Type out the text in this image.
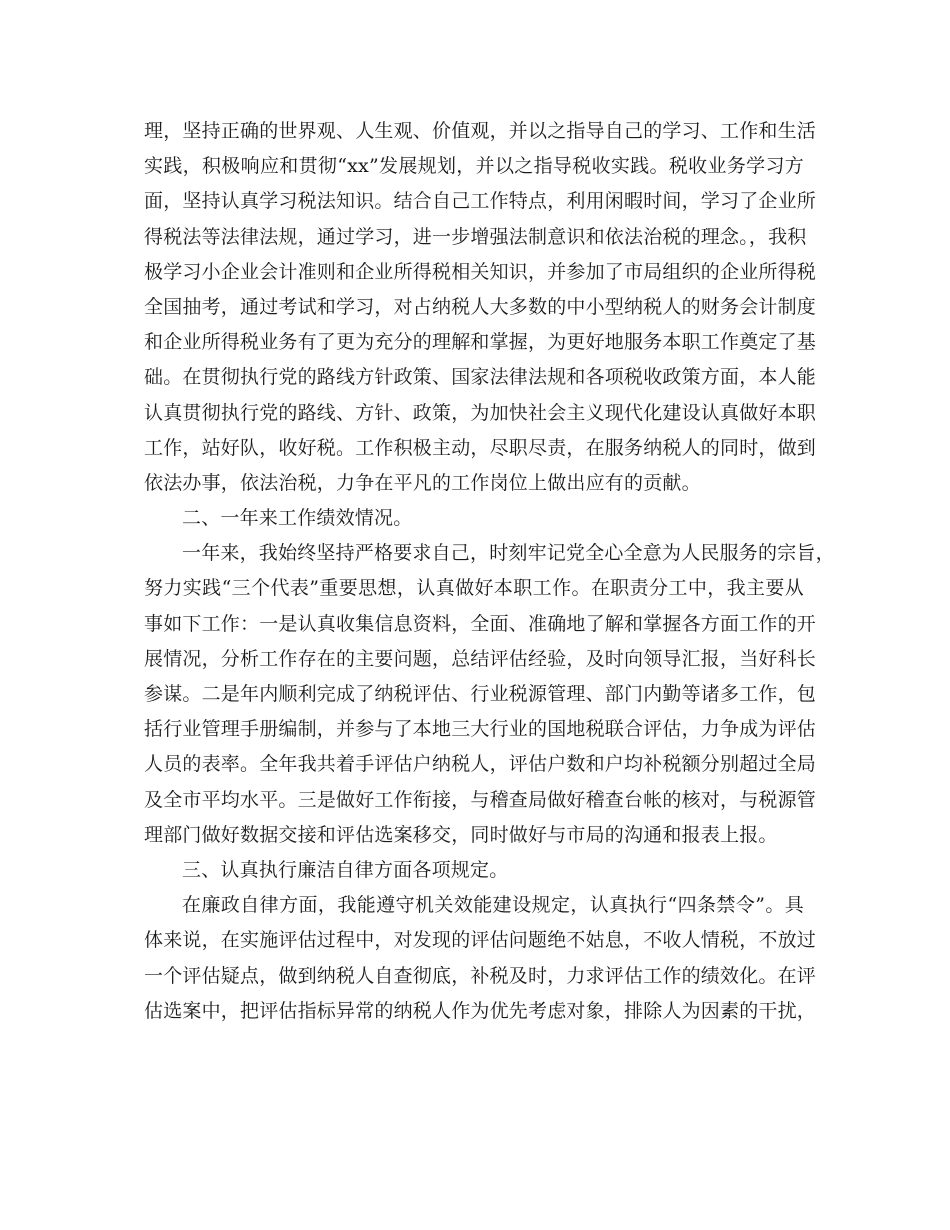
理，坚持正确的世界观、人生观、价值观，并以之指导自己的学习、工作和生活
实践，积极响应和贯彻“xx”发展规划，并以之指导税收实践。税收业务学习方
面，坚持认真学习税法知识。结合自己工作特点，利用闲暇时间，学习了企业所
得税法等法律法规，通过学习，进一步增强法制意识和依法治税的理念。，我积
极学习小企业会计准则和企业所得税相关知识，并参加了市局组织的企业所得税
全国抽考，通过考试和学习，对占纳税人大多数的中小型纳税人的财务会计制度
和企业所得税业务有了更为充分的理解和掌握，为更好地服务本职工作奠定了基
础。在贯彻执行党的路线方针政策、国家法律法规和各项税收政策方面，本人能
认真贯彻执行党的路线、方针、政策，为加快社会主义现代化建设认真做好本职
工作，站好队，收好税。工作积极主动，尽职尽责，在服务纳税人的同时，做到
依法办事，依法治税，力争在平凡的工作岗位上做出应有的贡献。
二、一年来工作绩效情况。
一年来，我始终坚持严格要求自己，时刻牢记党全心全意为人民服务的宗旨，
努力实践“三个代表”重要思想，认真做好本职工作。在职责分工中，我主要从
事如下工作：一是认真收集信息资料，全面、准确地了解和掌握各方面工作的开
展情况，分析工作存在的主要问题，总结评估经验，及时向领导汇报，当好科长
参谋。二是年内顺利完成了纳税评估、行业税源管理、部门内勤等诸多工作，包
括行业管理手册编制，并参与了本地三大行业的国地税联合评估，力争成为评估
人员的表率。全年我共着手评估户纳税人，评估户数和户均补税额分别超过全局
及全市平均水平。三是做好工作衔接，与稽查局做好稽查台帐的核对，与税源管
理部门做好数据交接和评估选案移交，同时做好与市局的沟通和报表上报。
三、认真执行廉洁自律方面各项规定。
在廉政自律方面，我能遵守机关效能建设规定，认真执行“四条禁令”。具
体来说，在实施评估过程中，对发现的评估问题绝不姑息，不收人情税，不放过
一个评估疑点，做到纳税人自查彻底，补税及时，力求评估工作的绩效化。在评
估选案中，把评估指标异常的纳税人作为优先考虑对象，排除人为因素的干扰，
